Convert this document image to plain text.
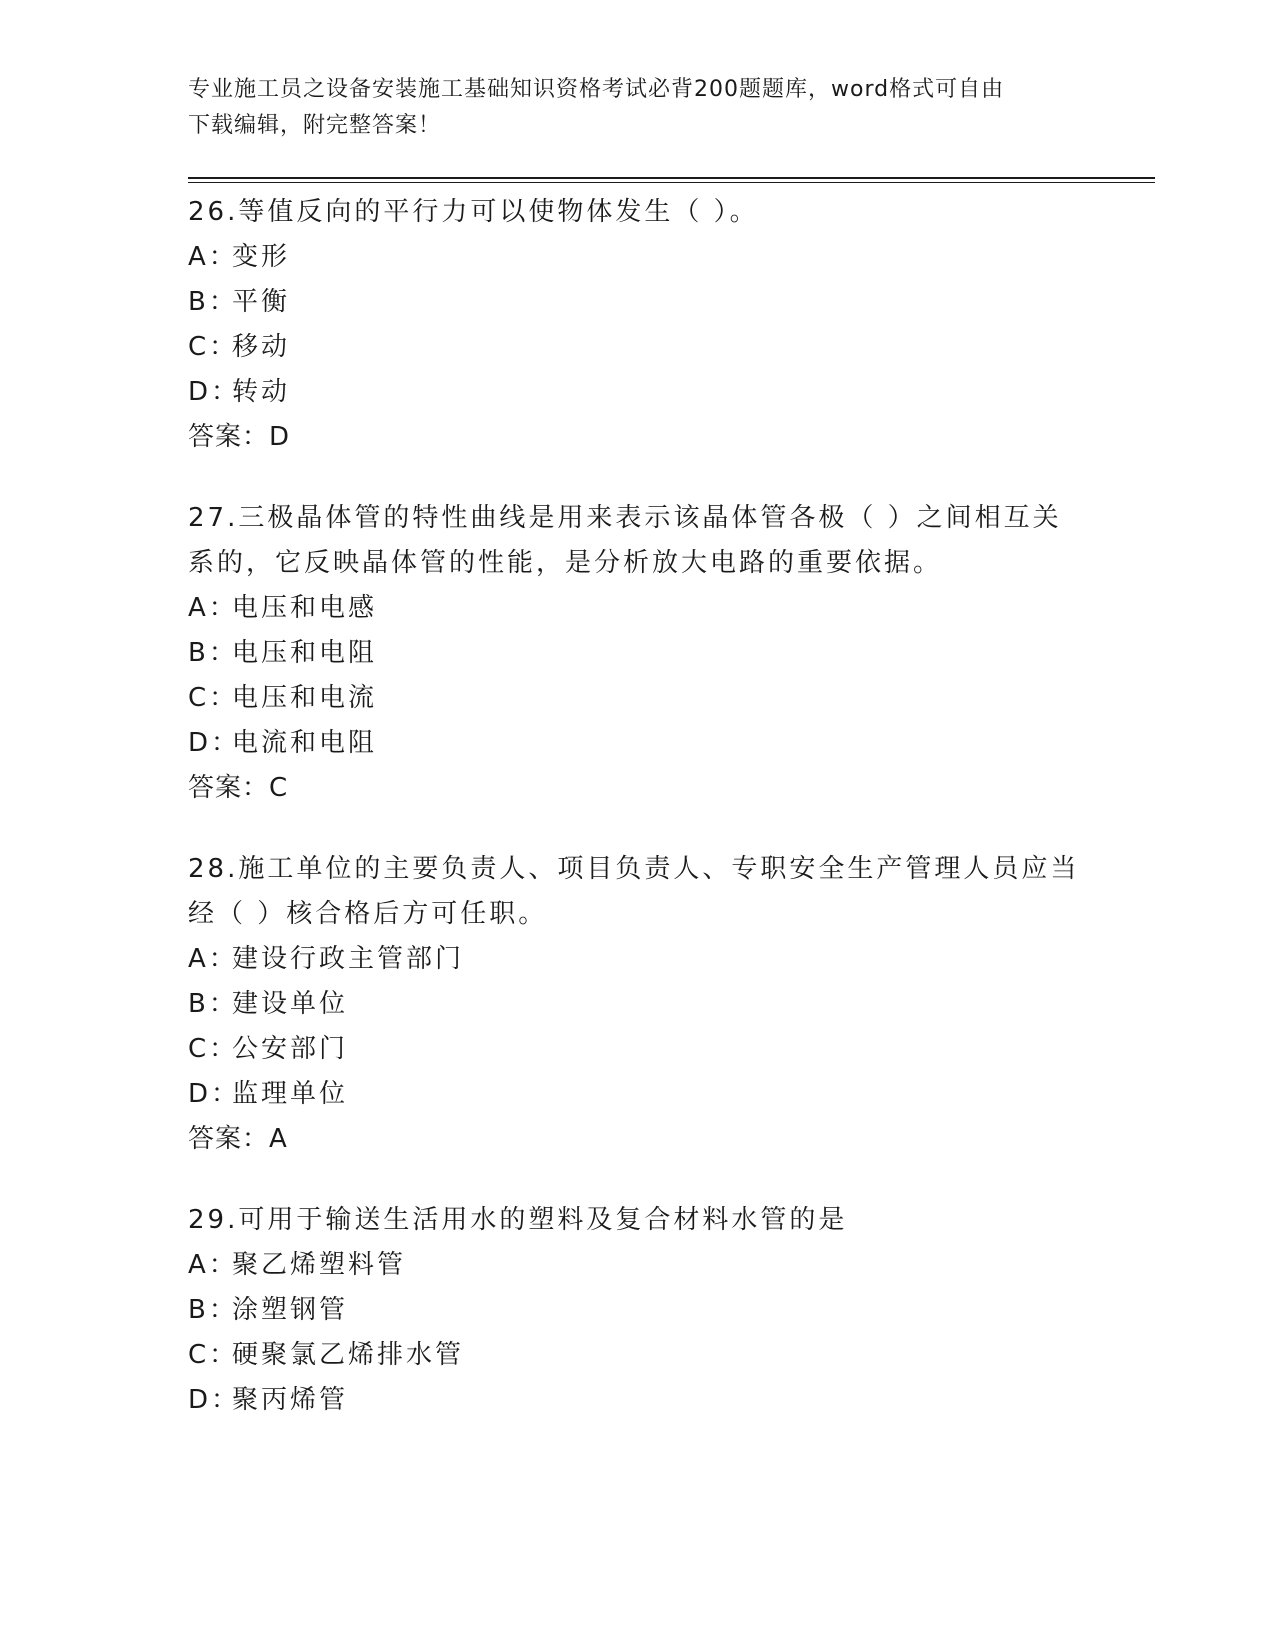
专业施工员之设备安装施工基础知识资格考试必背200题题库，word格式可自由
下载编辑，附完整答案！

26.等值反向的平行力可以使物体发生（ ）。

A：变形
B：平衡
C：移动
D：转动

答案：D

27.三极晶体管的特性曲线是用来表示该晶体管各极（ ）之间相互关系的，它反映晶体管的性能，是分析放大电路的重要依据。

A：电压和电感
B：电压和电阻
C：电压和电流
D：电流和电阻

答案：C

28.施工单位的主要负责人、项目负责人、专职安全生产管理人员应当经（ ）核合格后方可任职。

A：建设行政主管部门
B：建设单位
C：公安部门
D：监理单位

答案：A

29.可用于输送生活用水的塑料及复合材料水管的是

A：聚乙烯塑料管
B：涂塑钢管
C：硬聚氯乙烯排水管
D：聚丙烯管
